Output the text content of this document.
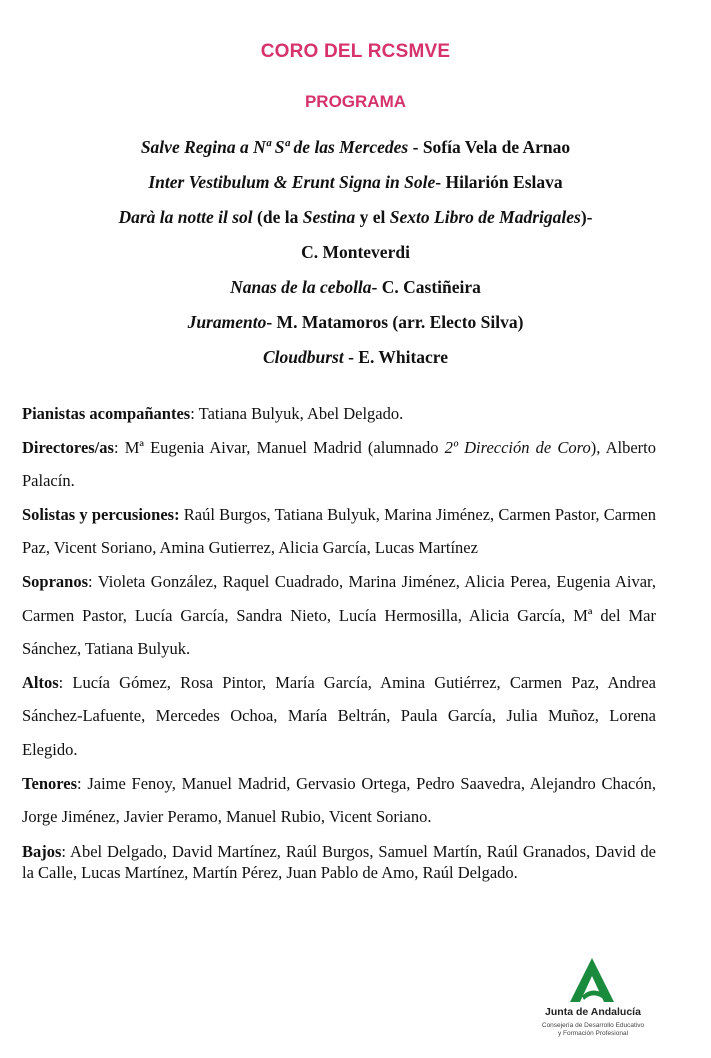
CORO DEL RCSMVE
PROGRAMA
Salve Regina a Nª Sª de las Mercedes - Sofía Vela de Arnao
Inter Vestibulum & Erunt Signa in Sole- Hilarión Eslava
Darà la notte il sol (de la Sestina y el Sexto Libro de Madrigales)-
C. Monteverdi
Nanas de la cebolla- C. Castiñeira
Juramento- M. Matamoros (arr. Electo Silva)
Cloudburst - E. Whitacre

Pianistas acompañantes: Tatiana Bulyuk, Abel Delgado.

Directores/as: Mª Eugenia Aivar, Manuel Madrid (alumnado 2º Dirección de Coro), Alberto Palacín.

Solistas y percusiones: Raúl Burgos, Tatiana Bulyuk, Marina Jiménez, Carmen Pastor, Carmen Paz, Vicent Soriano, Amina Gutierrez, Alicia García, Lucas Martínez

Sopranos: Violeta González, Raquel Cuadrado, Marina Jiménez, Alicia Perea, Eugenia Aivar, Carmen Pastor, Lucía García, Sandra Nieto, Lucía Hermosilla, Alicia García, Mª del Mar Sánchez, Tatiana Bulyuk.

Altos: Lucía Gómez, Rosa Pintor, María García, Amina Gutiérrez, Carmen Paz, Andrea Sánchez-Lafuente, Mercedes Ochoa, María Beltrán, Paula García, Julia Muñoz, Lorena Elegido.

Tenores: Jaime Fenoy, Manuel Madrid, Gervasio Ortega, Pedro Saavedra, Alejandro Chacón, Jorge Jiménez, Javier Peramo, Manuel Rubio, Vicent Soriano.

Bajos: Abel Delgado, David Martínez, Raúl Burgos, Samuel Martín, Raúl Granados, David de la Calle, Lucas Martínez, Martín Pérez, Juan Pablo de Amo, Raúl Delgado.

Junta de Andalucía
Consejería de Desarrollo Educativo
y Formación Profesional
